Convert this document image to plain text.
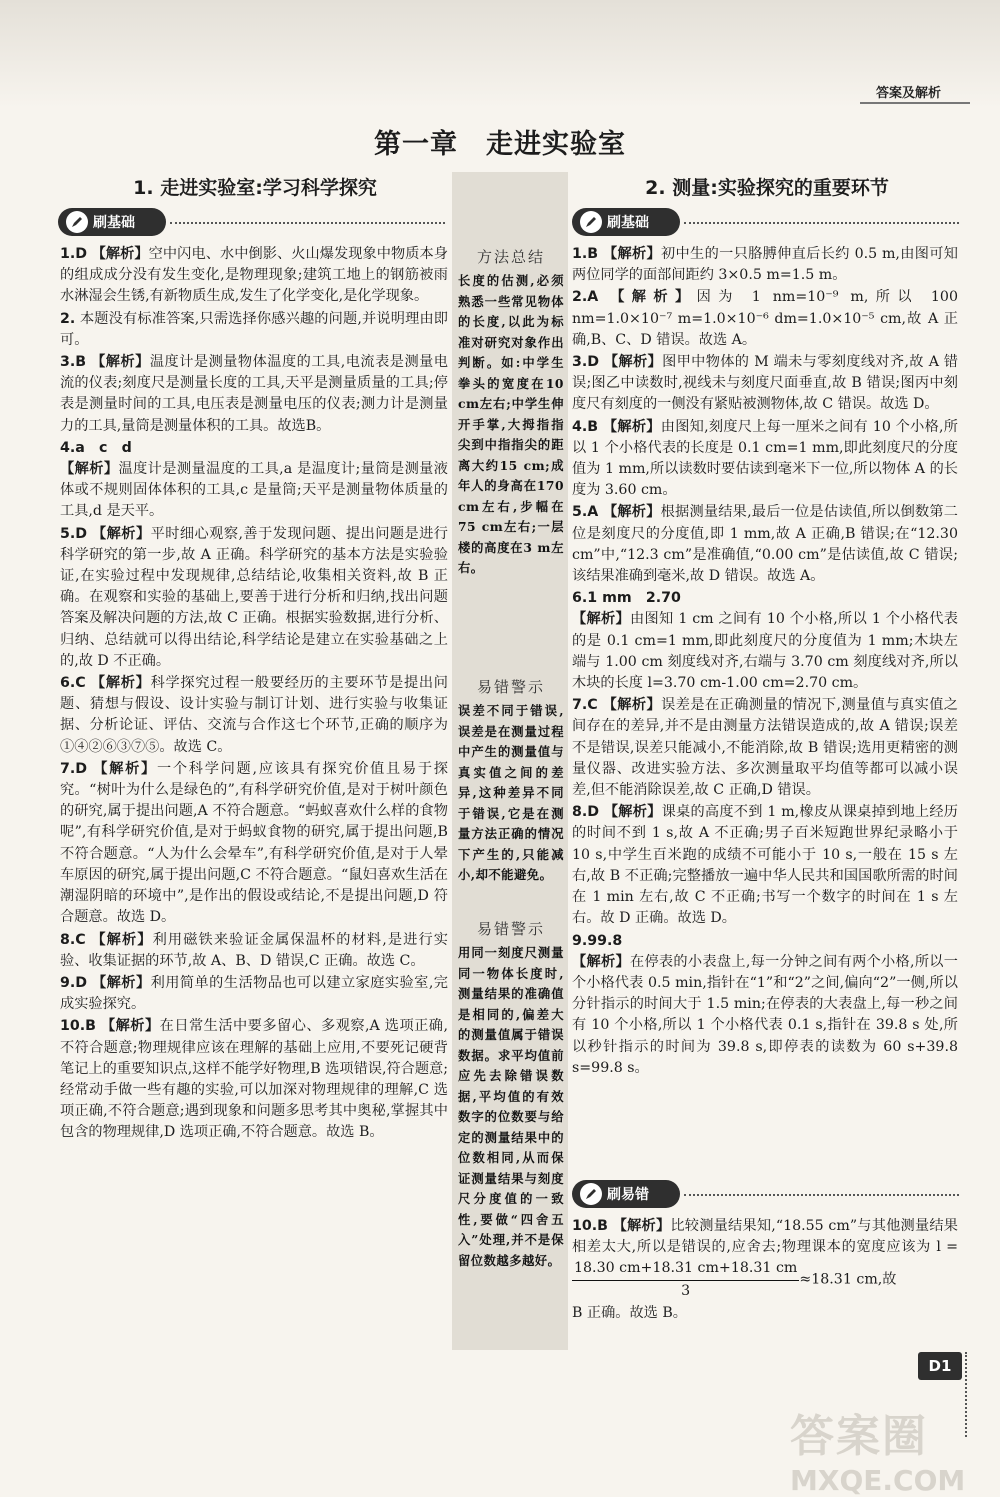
答案及解析
第一章　走进实验室
1. 走进实验室:学习科学探究
刷基础
1.D 【解析】空中闪电、水中倒影、火山爆发现象中物质本身的组成成分没有发生变化,是物理现象;建筑工地上的钢筋被雨水淋湿会生锈,有新物质生成,发生了化学变化,是化学现象。
2. 本题没有标准答案,只需选择你感兴趣的问题,并说明理由即可。
3.B 【解析】温度计是测量物体温度的工具,电流表是测量电流的仪表;刻度尺是测量长度的工具,天平是测量质量的工具;停表是测量时间的工具,电压表是测量电压的仪表;测力计是测量力的工具,量筒是测量体积的工具。故选B。
4.a　c　d
【解析】温度计是测量温度的工具,a 是温度计;量筒是测量液体或不规则固体体积的工具,c 是量筒;天平是测量物体质量的工具,d 是天平。
5.D 【解析】平时细心观察,善于发现问题、提出问题是进行科学研究的第一步,故 A 正确。科学研究的基本方法是实验验证,在实验过程中发现规律,总结结论,收集相关资料,故 B 正确。在观察和实验的基础上,要善于进行分析和归纳,找出问题答案及解决问题的方法,故 C 正确。根据实验数据,进行分析、归纳、总结就可以得出结论,科学结论是建立在实验基础之上的,故 D 不正确。
6.C 【解析】科学探究过程一般要经历的主要环节是提出问题、猜想与假设、设计实验与制订计划、进行实验与收集证据、分析论证、评估、交流与合作这七个环节,正确的顺序为①④②⑥③⑦⑤。故选 C。
7.D 【解析】一个科学问题,应该具有探究价值且易于探究。“树叶为什么是绿色的”,有科学研究价值,是对于树叶颜色的研究,属于提出问题,A 不符合题意。“蚂蚁喜欢什么样的食物呢”,有科学研究价值,是对于蚂蚁食物的研究,属于提出问题,B 不符合题意。“人为什么会晕车”,有科学研究价值,是对于人晕车原因的研究,属于提出问题,C 不符合题意。“鼠妇喜欢生活在潮湿阴暗的环境中”,是作出的假设或结论,不是提出问题,D 符合题意。故选 D。
8.C 【解析】利用磁铁来验证金属保温杯的材料,是进行实验、收集证据的环节,故 A、B、D 错误,C 正确。故选 C。
9.D 【解析】利用简单的生活物品也可以建立家庭实验室,完成实验探究。
10.B 【解析】在日常生活中要多留心、多观察,A 选项正确,不符合题意;物理规律应该在理解的基础上应用,不要死记硬背笔记上的重要知识点,这样不能学好物理,B 选项错误,符合题意;经常动手做一些有趣的实验,可以加深对物理规律的理解,C 选项正确,不符合题意;遇到现象和问题多思考其中奥秘,掌握其中包含的物理规律,D 选项正确,不符合题意。故选 B。
方法总结
长度的估测,必须熟悉一些常见物体的长度,以此为标准对研究对象作出判断。如:中学生拳头的宽度在10 cm左右;中学生伸开手掌,大拇指指尖到中指指尖的距离大约15 cm;成年人的身高在170 cm左右,步幅在75 cm左右;一层楼的高度在3 m左右。
易错警示
误差不同于错误,误差是在测量过程中产生的测量值与真实值之间的差异,这种差异不同于错误,它是在测量方法正确的情况下产生的,只能减小,却不能避免。
易错警示
用同一刻度尺测量同一物体长度时,测量结果的准确值是相同的,偏差大的测量值属于错误数据。求平均值前应先去除错误数据,平均值的有效数字的位数要与给定的测量结果中的位数相同,从而保证测量结果与刻度尺分度值的一致性,要做“四舍五入”处理,并不是保留位数越多越好。
2. 测量:实验探究的重要环节
刷基础
1.B 【解析】初中生的一只胳膊伸直后长约 0.5 m,由图可知两位同学的面部间距约 3×0.5 m=1.5 m。
2.A 【解析】因为 1 nm=10⁻⁹ m,所以 100 nm=1.0×10⁻⁷ m=1.0×10⁻⁶ dm=1.0×10⁻⁵ cm,故 A 正确,B、C、D 错误。故选 A。
3.D 【解析】图甲中物体的 M 端未与零刻度线对齐,故 A 错误;图乙中读数时,视线未与刻度尺面垂直,故 B 错误;图丙中刻度尺有刻度的一侧没有紧贴被测物体,故 C 错误。故选 D。
4.B 【解析】由图知,刻度尺上每一厘米之间有 10 个小格,所以 1 个小格代表的长度是 0.1 cm=1 mm,即此刻度尺的分度值为 1 mm,所以读数时要估读到毫米下一位,所以物体 A 的长度为 3.60 cm。
5.A 【解析】根据测量结果,最后一位是估读值,所以倒数第二位是刻度尺的分度值,即 1 mm,故 A 正确,B 错误;在“12.30 cm”中,“12.3 cm”是准确值,“0.00 cm”是估读值,故 C 错误;该结果准确到毫米,故 D 错误。故选 A。
6.1 mm　2.70
【解析】由图知 1 cm 之间有 10 个小格,所以 1 个小格代表的是 0.1 cm=1 mm,即此刻度尺的分度值为 1 mm;木块左端与 1.00 cm 刻度线对齐,右端与 3.70 cm 刻度线对齐,所以木块的长度 l=3.70 cm-1.00 cm=2.70 cm。
7.C 【解析】误差是在正确测量的情况下,测量值与真实值之间存在的差异,并不是由测量方法错误造成的,故 A 错误;误差不是错误,误差只能减小,不能消除,故 B 错误;选用更精密的测量仪器、改进实验方法、多次测量取平均值等都可以减小误差,但不能消除误差,故 C 正确,D 错误。
8.D 【解析】课桌的高度不到 1 m,橡皮从课桌掉到地上经历的时间不到 1 s,故 A 不正确;男子百米短跑世界纪录略小于 10 s,中学生百米跑的成绩不可能小于 10 s,一般在 15 s 左右,故 B 不正确;完整播放一遍中华人民共和国国歌所需的时间在 1 min 左右,故 C 不正确;书写一个数字的时间在 1 s 左右。故 D 正确。故选 D。
9.99.8
【解析】在停表的小表盘上,每一分钟之间有两个小格,所以一个小格代表 0.5 min,指针在“1”和“2”之间,偏向“2”一侧,所以分针指示的时间大于 1.5 min;在停表的大表盘上,每一秒之间有 10 个小格,所以 1 个小格代表 0.1 s,指针在 39.8 s 处,所以秒针指示的时间为 39.8 s,即停表的读数为 60 s+39.8 s=99.8 s。
刷易错
10.B 【解析】比较测量结果知,“18.55 cm”与其他测量结果相差太大,所以是错误的,应舍去;物理课本的宽度应该为 l =
$\frac{18.30 cm+18.31 cm+18.31 cm}{3} \approx 18.31$ cm,故
B 正确。故选 B。
D1
答案圈
MXQE.COM
